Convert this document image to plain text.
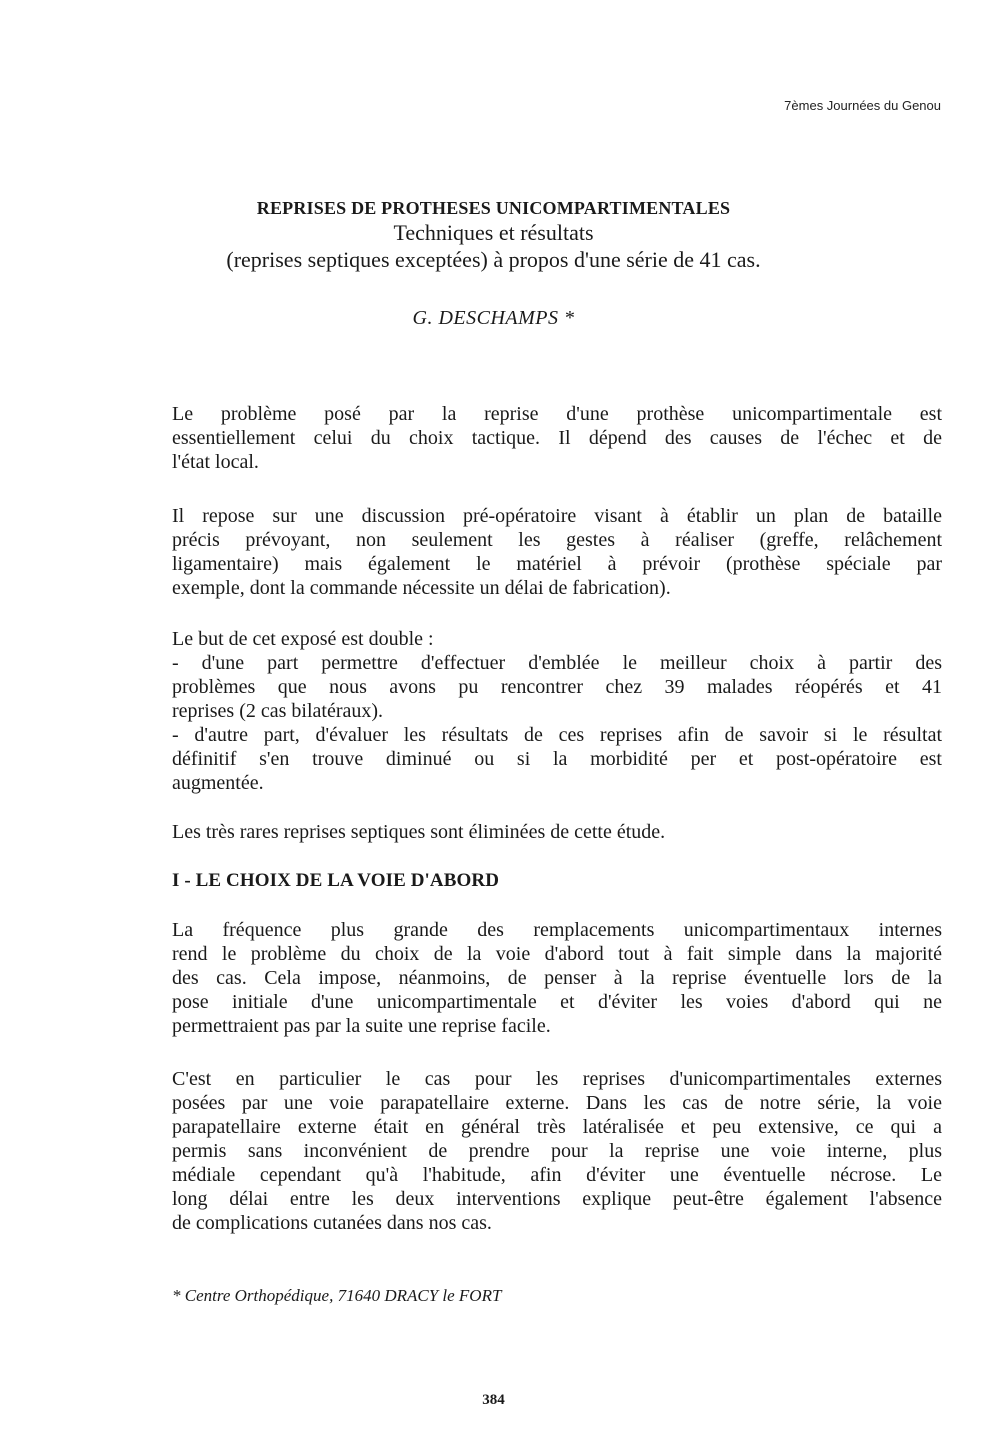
7èmes Journées du Genou
REPRISES DE PROTHESES UNICOMPARTIMENTALES
Techniques et résultats
(reprises septiques exceptées) à propos d'une série de 41 cas.
G. DESCHAMPS *

Le problème posé par la reprise d'une prothèse unicompartimentale est
essentiellement celui du choix tactique. Il dépend des causes de l'échec et de
l'état local.

Il repose sur une discussion pré-opératoire visant à établir un plan de bataille
précis prévoyant, non seulement les gestes à réaliser (greffe, relâchement
ligamentaire) mais également le matériel à prévoir (prothèse spéciale par
exemple, dont la commande nécessite un délai de fabrication).

Le but de cet exposé est double :
- d'une part permettre d'effectuer d'emblée le meilleur choix à partir des
problèmes que nous avons pu rencontrer chez 39 malades réopérés et 41
reprises (2 cas bilatéraux).
- d'autre part, d'évaluer les résultats de ces reprises afin de savoir si le résultat
définitif s'en trouve diminué ou si la morbidité per et post-opératoire est
augmentée.

Les très rares reprises septiques sont éliminées de cette étude.

I - LE CHOIX DE LA VOIE D'ABORD

La fréquence plus grande des remplacements unicompartimentaux internes
rend le problème du choix de la voie d'abord tout à fait simple dans la majorité
des cas. Cela impose, néanmoins, de penser à la reprise éventuelle lors de la
pose initiale d'une unicompartimentale et d'éviter les voies d'abord qui ne
permettraient pas par la suite une reprise facile.

C'est en particulier le cas pour les reprises d'unicompartimentales externes
posées par une voie parapatellaire externe. Dans les cas de notre série, la voie
parapatellaire externe était en général très latéralisée et peu extensive, ce qui a
permis sans inconvénient de prendre pour la reprise une voie interne, plus
médiale cependant qu'à l'habitude, afin d'éviter une éventuelle nécrose. Le
long délai entre les deux interventions explique peut-être également l'absence
de complications cutanées dans nos cas.

* Centre Orthopédique, 71640 DRACY le FORT
384
